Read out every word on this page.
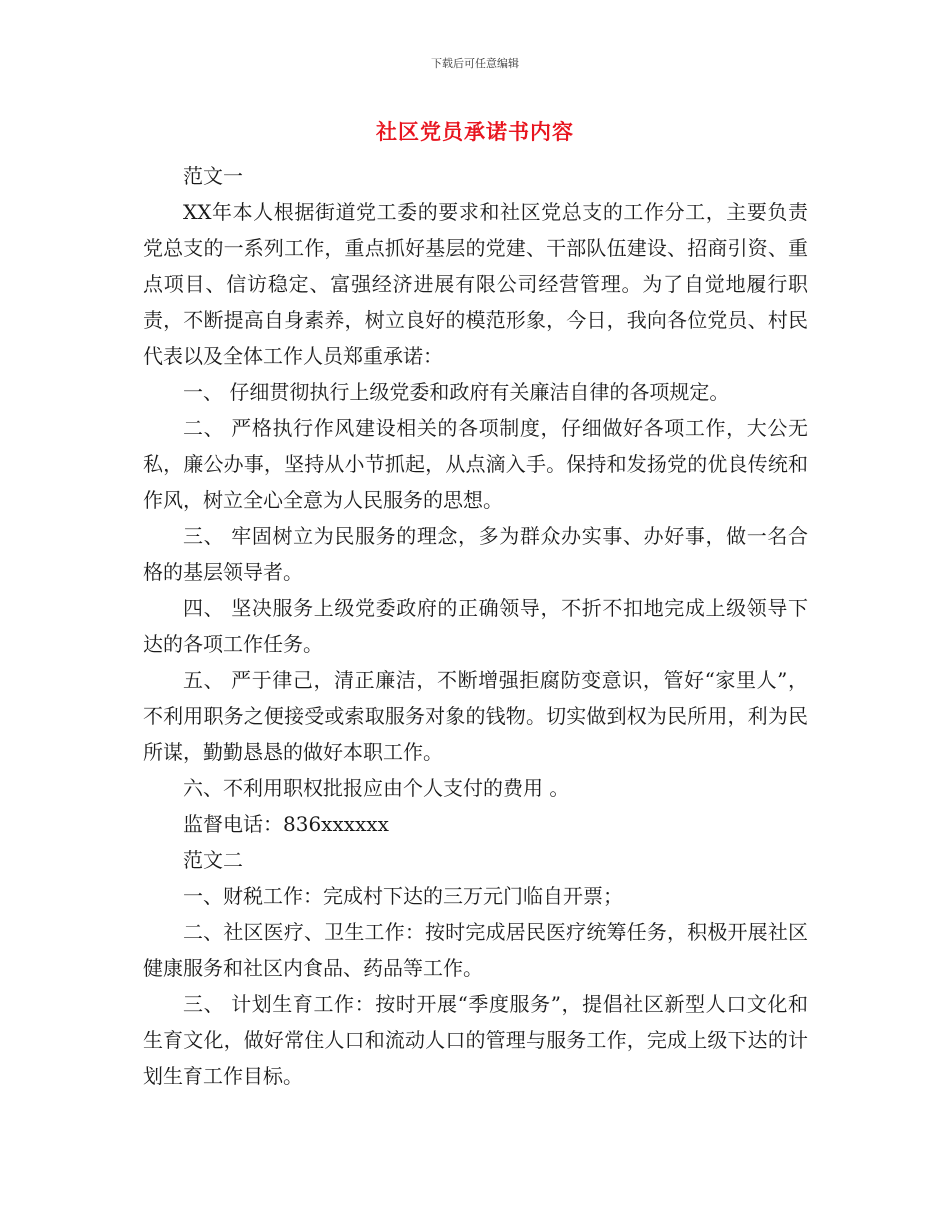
下载后可任意编辑
社区党员承诺书内容

范文一

XX年本人根据街道党工委的要求和社区党总支的工作分工，主要负责党总支的一系列工作，重点抓好基层的党建、干部队伍建设、招商引资、重点项目、信访稳定、富强经济进展有限公司经营管理。为了自觉地履行职责，不断提高自身素养，树立良好的模范形象，今日，我向各位党员、村民代表以及全体工作人员郑重承诺：

一、 仔细贯彻执行上级党委和政府有关廉洁自律的各项规定。

二、 严格执行作风建设相关的各项制度，仔细做好各项工作，大公无私，廉公办事，坚持从小节抓起，从点滴入手。保持和发扬党的优良传统和作风，树立全心全意为人民服务的思想。

三、 牢固树立为民服务的理念，多为群众办实事、办好事，做一名合格的基层领导者。

四、 坚决服务上级党委政府的正确领导，不折不扣地完成上级领导下达的各项工作任务。

五、 严于律己，清正廉洁，不断增强拒腐防变意识，管好“家里人”，不利用职务之便接受或索取服务对象的钱物。切实做到权为民所用，利为民所谋，勤勤恳恳的做好本职工作。

六、不利用职权批报应由个人支付的费用 。

监督电话：836xxxxxx

范文二

一、财税工作：完成村下达的三万元门临自开票；

二、社区医疗、卫生工作：按时完成居民医疗统筹任务，积极开展社区健康服务和社区内食品、药品等工作。

三、 计划生育工作：按时开展“季度服务”，提倡社区新型人口文化和生育文化，做好常住人口和流动人口的管理与服务工作，完成上级下达的计划生育工作目标。
